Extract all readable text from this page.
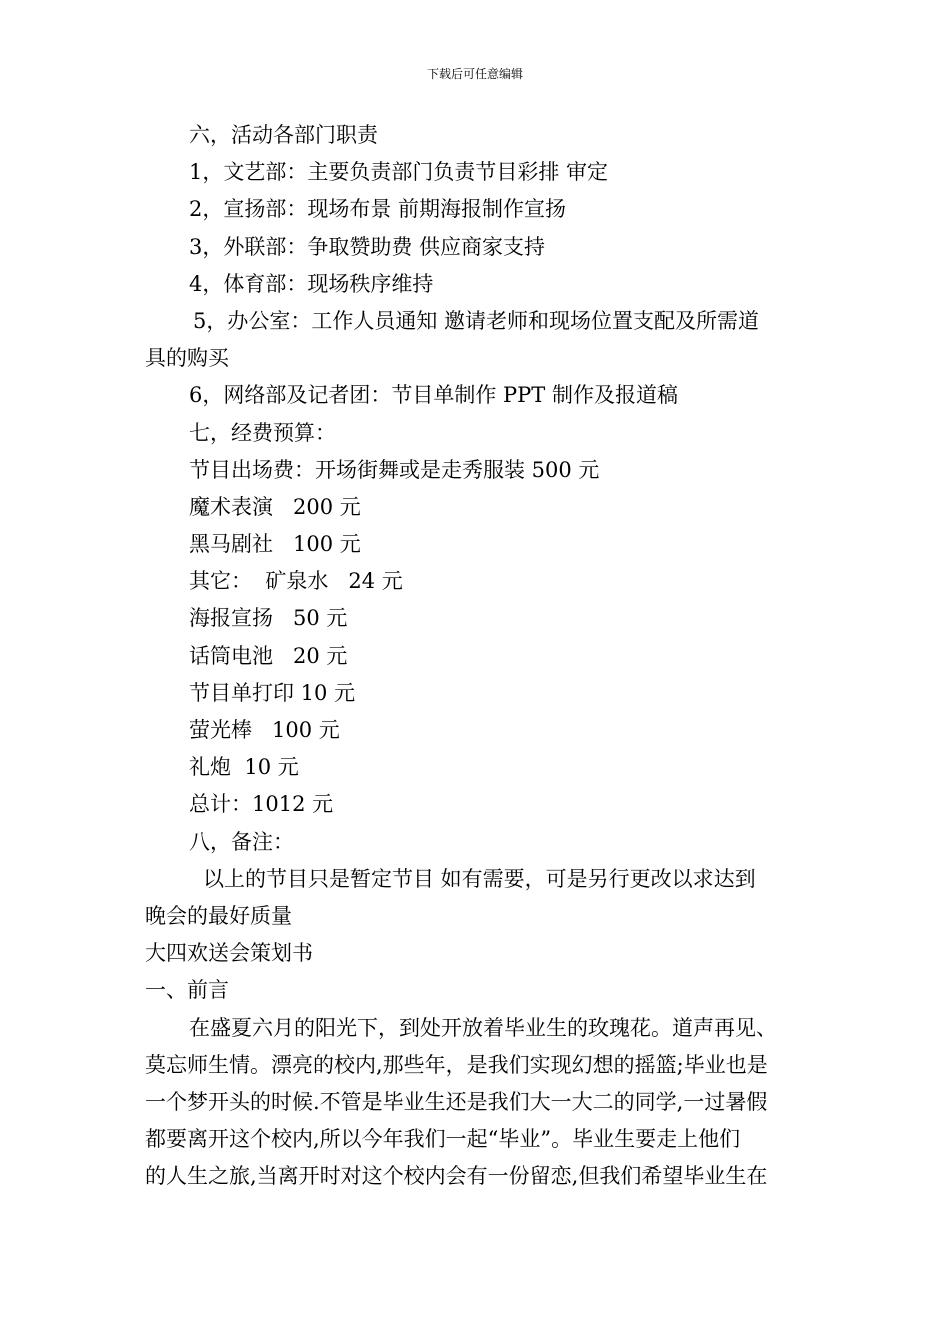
下载后可任意编辑

六，活动各部门职责

1，文艺部：主要负责部门负责节目彩排 审定

2，宣扬部：现场布景 前期海报制作宣扬

3，外联部：争取赞助费 供应商家支持

4，体育部：现场秩序维持

5，办公室：工作人员通知 邀请老师和现场位置支配及所需道

具的购买

6，网络部及记者团：节目单制作 PPT 制作及报道稿

七，经费预算：

节目出场费：开场街舞或是走秀服装 500 元

魔术表演   200 元

黑马剧社   100 元

其它：  矿泉水   24 元

海报宣扬   50 元

话筒电池   20 元

节目单打印 10 元

萤光棒   100 元

礼炮  10 元

总计：1012 元

八，备注：

以上的节目只是暂定节目 如有需要，可是另行更改以求达到

晚会的最好质量

大四欢送会策划书

一、前言

在盛夏六月的阳光下，到处开放着毕业生的玫瑰花。道声再见、

莫忘师生情。漂亮的校内,那些年，是我们实现幻想的摇篮;毕业也是

一个梦开头的时候.不管是毕业生还是我们大一大二的同学,一过暑假

都要离开这个校内,所以今年我们一起“毕业”。毕业生要走上他们

的人生之旅,当离开时对这个校内会有一份留恋,但我们希望毕业生在
